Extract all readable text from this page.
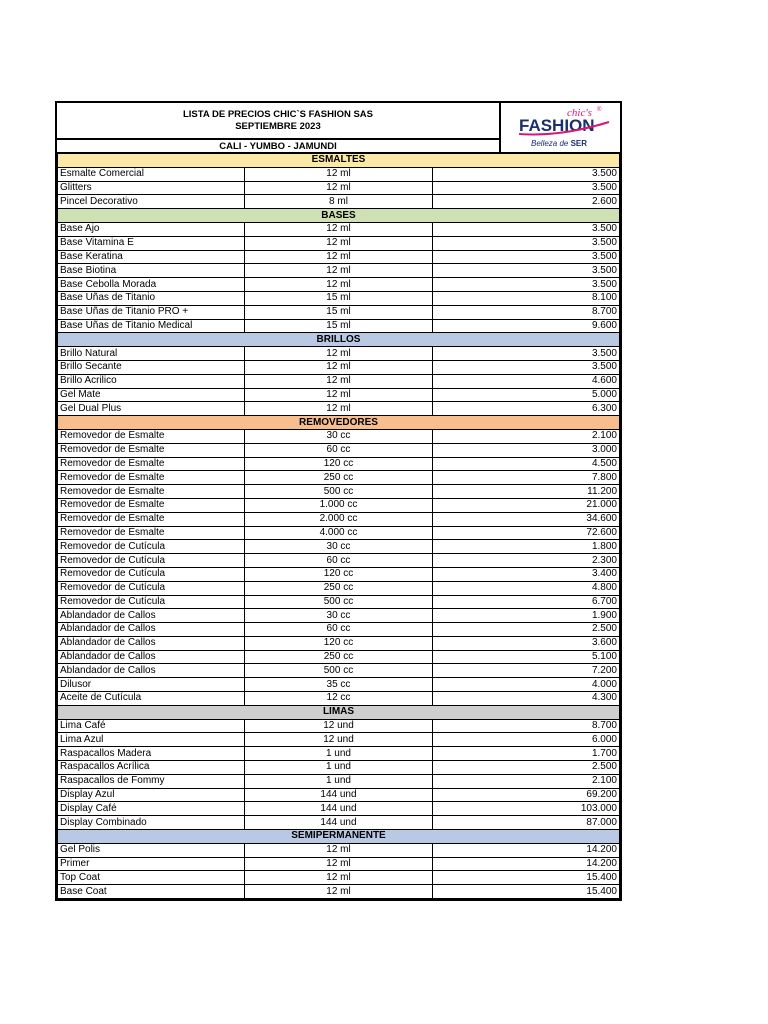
LISTA DE PRECIOS CHIC`S FASHION SAS
SEPTIEMBRE 2023
CALI - YUMBO - JAMUNDI
chic's ®
FASHION
Belleza de SER
ESMALTES		
Esmalte Comercial	12 ml	3.500
Glitters	12 ml	3.500
Pincel Decorativo	8 ml	2.600
BASES		
Base Ajo	12 ml	3.500
Base Vitamina E	12 ml	3.500
Base Keratina	12 ml	3.500
Base Biotina	12 ml	3.500
Base Cebolla Morada	12 ml	3.500
Base Uñas de Titanio	15 ml	8.100
Base Uñas de Titanio PRO +	15 ml	8.700
Base Uñas de Titanio Medical	15 ml	9.600
BRILLOS		
Brillo Natural	12 ml	3.500
Brillo Secante	12 ml	3.500
Brillo Acrilico	12 ml	4.600
Gel Mate	12 ml	5.000
Gel Dual Plus	12 ml	6.300
REMOVEDORES		
Removedor de Esmalte	30 cc	2.100
Removedor de Esmalte	60 cc	3.000
Removedor de Esmalte	120 cc	4.500
Removedor de Esmalte	250 cc	7.800
Removedor de Esmalte	500 cc	11.200
Removedor de Esmalte	1.000 cc	21.000
Removedor de Esmalte	2.000 cc	34.600
Removedor de Esmalte	4.000 cc	72.600
Removedor de Cutícula	30 cc	1.800
Removedor de Cutícula	60 cc	2.300
Removedor de Cutícula	120 cc	3.400
Removedor de Cutícula	250 cc	4.800
Removedor de Cutícula	500 cc	6.700
Ablandador de Callos	30 cc	1.900
Ablandador de Callos	60 cc	2.500
Ablandador de Callos	120 cc	3.600
Ablandador de Callos	250 cc	5.100
Ablandador de Callos	500 cc	7.200
Dilusor	35 cc	4.000
Aceite de Cutícula	12 cc	4.300
LIMAS		
Lima Café	12 und	8.700
Lima Azul	12 und	6.000
Raspacallos Madera	1 und	1.700
Raspacallos Acrílica	1 und	2.500
Raspacallos de Fommy	1 und	2.100
Display Azul	144 und	69.200
Display Café	144 und	103.000
Display Combinado	144 und	87.000
SEMIPERMANENTE		
Gel Polis	12 ml	14.200
Primer	12 ml	14.200
Top Coat	12 ml	15.400
Base Coat	12 ml	15.400
